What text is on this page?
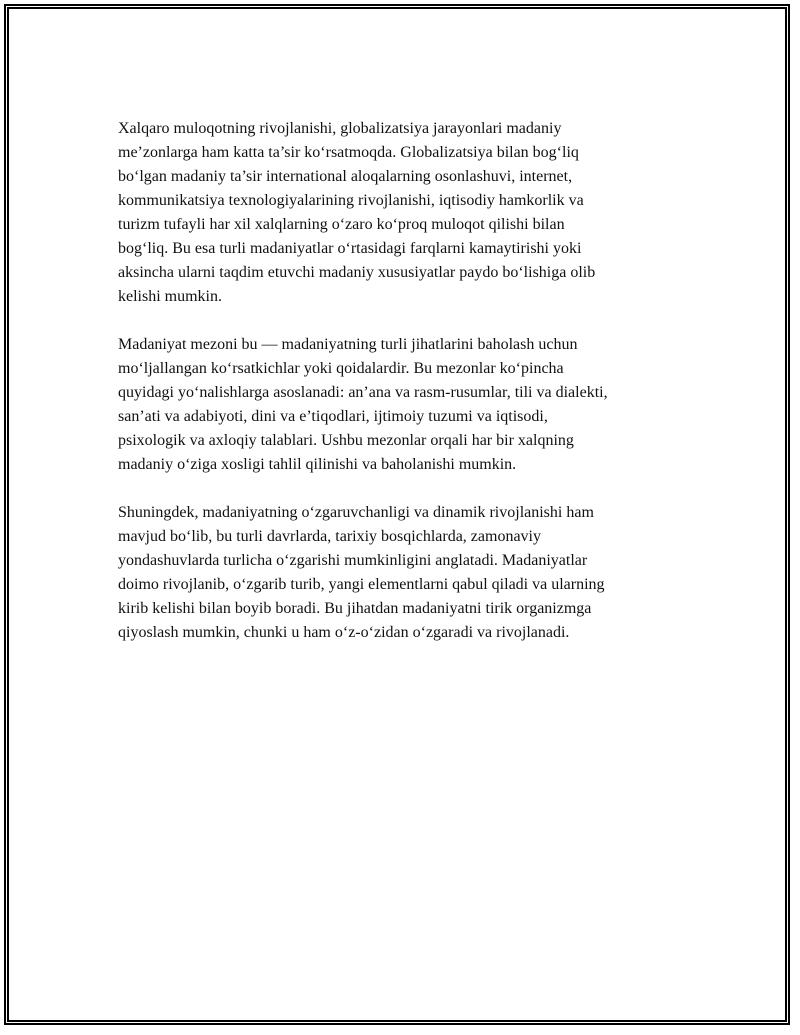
Xalqaro muloqotning rivojlanishi, globalizatsiya jarayonlari madaniy
me’zonlarga ham katta ta’sir ko‘rsatmoqda. Globalizatsiya bilan bog‘liq
bo‘lgan madaniy ta’sir international aloqalarning osonlashuvi, internet,
kommunikatsiya texnologiyalarining rivojlanishi, iqtisodiy hamkorlik va
turizm tufayli har xil xalqlarning o‘zaro ko‘proq muloqot qilishi bilan
bog‘liq. Bu esa turli madaniyatlar o‘rtasidagi farqlarni kamaytirishi yoki
aksincha ularni taqdim etuvchi madaniy xususiyatlar paydo bo‘lishiga olib
kelishi mumkin.

Madaniyat mezoni bu — madaniyatning turli jihatlarini baholash uchun
mo‘ljallangan ko‘rsatkichlar yoki qoidalardir. Bu mezonlar ko‘pincha
quyidagi yo‘nalishlarga asoslanadi: an’ana va rasm-rusumlar, tili va dialekti,
san’ati va adabiyoti, dini va e’tiqodlari, ijtimoiy tuzumi va iqtisodi,
psixologik va axloqiy talablari. Ushbu mezonlar orqali har bir xalqning
madaniy o‘ziga xosligi tahlil qilinishi va baholanishi mumkin.

Shuningdek, madaniyatning o‘zgaruvchanligi va dinamik rivojlanishi ham
mavjud bo‘lib, bu turli davrlarda, tarixiy bosqichlarda, zamonaviy
yondashuvlarda turlicha o‘zgarishi mumkinligini anglatadi. Madaniyatlar
doimo rivojlanib, o‘zgarib turib, yangi elementlarni qabul qiladi va ularning
kirib kelishi bilan boyib boradi. Bu jihatdan madaniyatni tirik organizmga
qiyoslash mumkin, chunki u ham o‘z-o‘zidan o‘zgaradi va rivojlanadi.
